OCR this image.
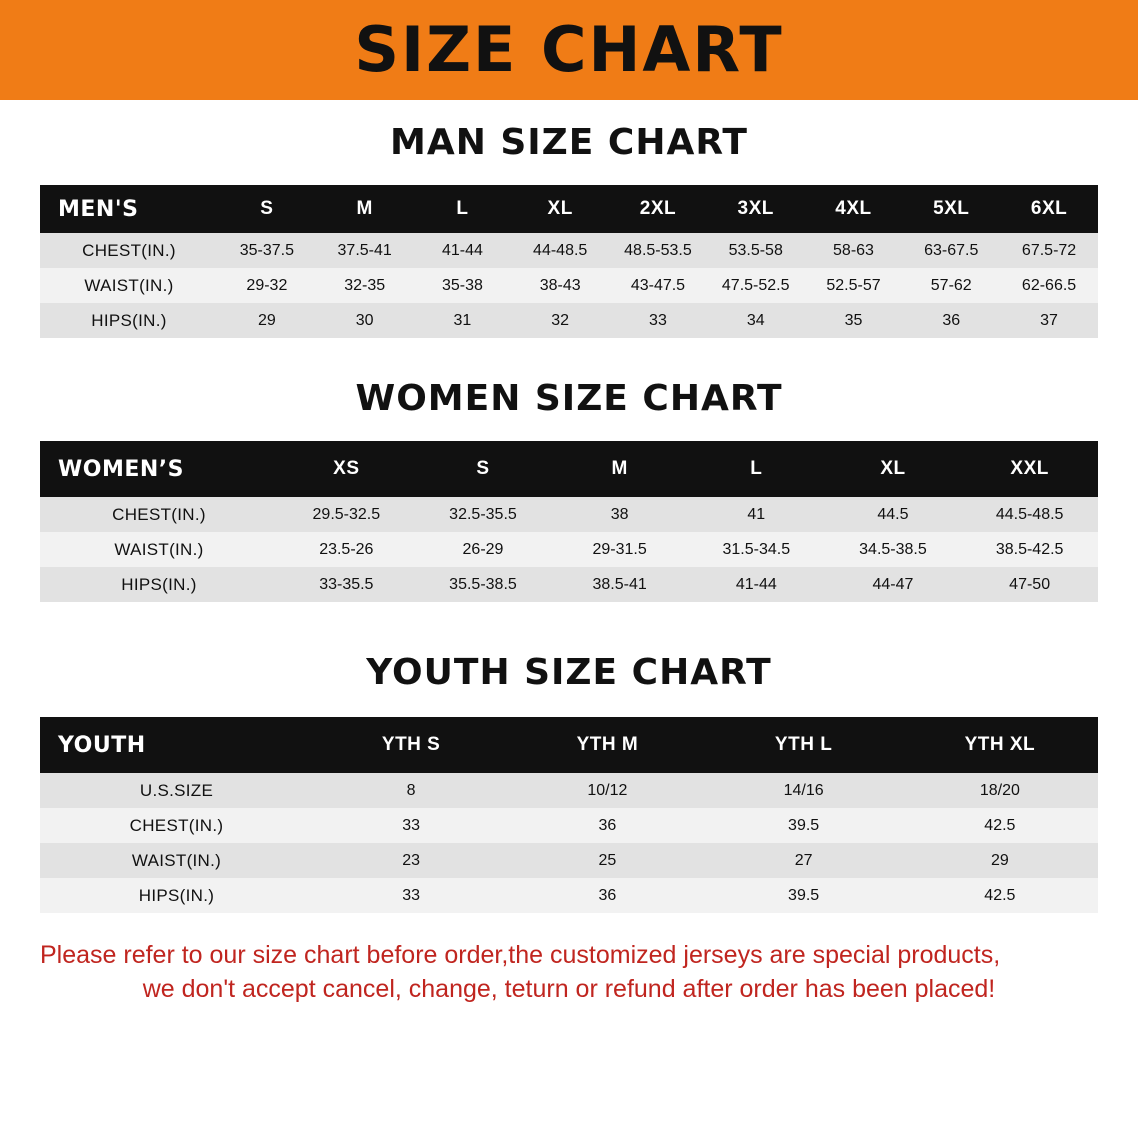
SIZE CHART
MAN SIZE CHART
MEN'S	S	M	L	XL	2XL	3XL	4XL	5XL	6XL
CHEST(IN.)	35-37.5	37.5-41	41-44	44-48.5	48.5-53.5	53.5-58	58-63	63-67.5	67.5-72
WAIST(IN.)	29-32	32-35	35-38	38-43	43-47.5	47.5-52.5	52.5-57	57-62	62-66.5
HIPS(IN.)	29	30	31	32	33	34	35	36	37
WOMEN SIZE CHART
WOMEN’S	XS	S	M	L	XL	XXL
CHEST(IN.)	29.5-32.5	32.5-35.5	38	41	44.5	44.5-48.5
WAIST(IN.)	23.5-26	26-29	29-31.5	31.5-34.5	34.5-38.5	38.5-42.5
HIPS(IN.)	33-35.5	35.5-38.5	38.5-41	41-44	44-47	47-50
YOUTH SIZE CHART
YOUTH	YTH S	YTH M	YTH L	YTH XL
U.S.SIZE	8	10/12	14/16	18/20
CHEST(IN.)	33	36	39.5	42.5
WAIST(IN.)	23	25	27	29
HIPS(IN.)	33	36	39.5	42.5
Please refer to our size chart before order,the customized jerseys are special products,
we don't accept cancel, change, teturn or refund after order has been placed!
